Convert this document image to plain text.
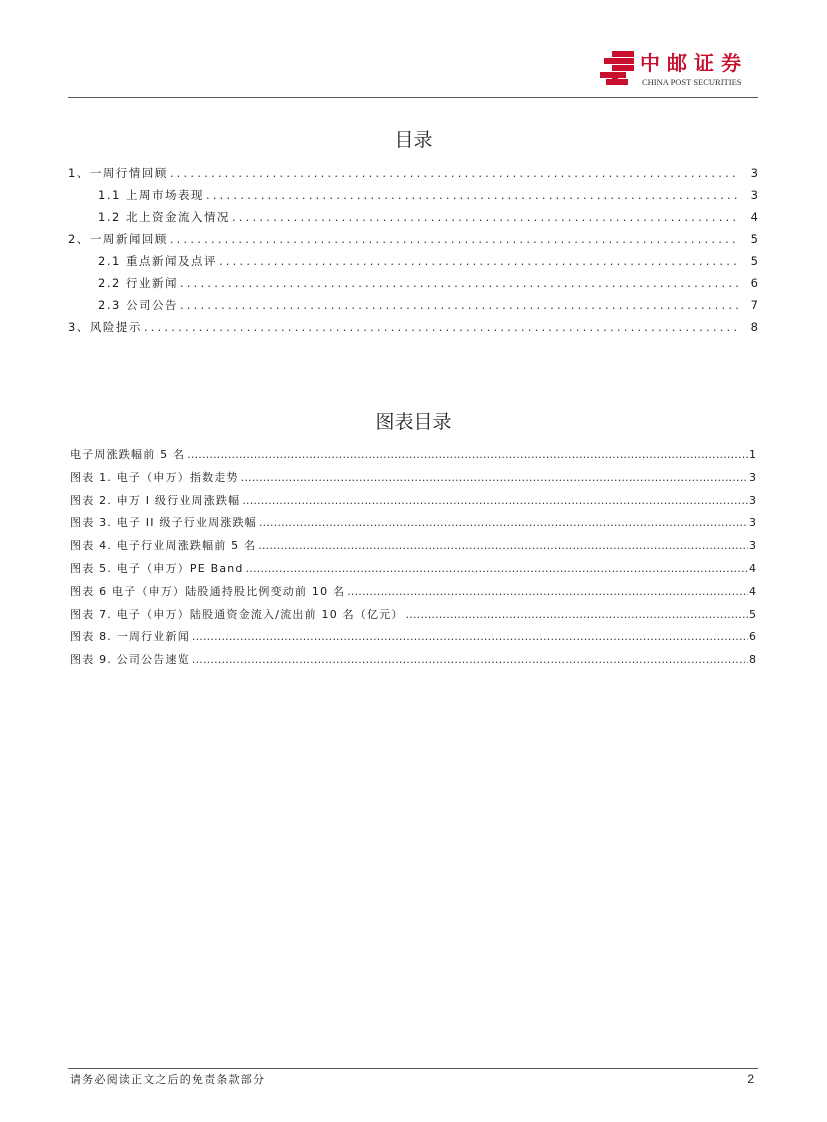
中邮证券
CHINA POST SECURITIES
目录
1、一周行情回顾 .....	3
1.1 上周市场表现 .....	3
1.2 北上资金流入情况 .....	4
2、一周新闻回顾 .....	5
2.1 重点新闻及点评 .....	5
2.2 行业新闻 .....	6
2.3 公司公告 .....	7
3、风险提示 .....	8
图表目录
电子周涨跌幅前 5 名 .....	1
图表 1. 电子（申万）指数走势 .....	3
图表 2. 申万 I 级行业周涨跌幅 .....	3
图表 3. 电子 II 级子行业周涨跌幅 .....	3
图表 4. 电子行业周涨跌幅前 5 名 .....	3
图表 5. 电子（申万）PE Band .....	4
图表 6 电子（申万）陆股通持股比例变动前 10 名 .....	4
图表 7. 电子（申万）陆股通资金流入/流出前 10 名（亿元） .....	5
图表 8. 一周行业新闻 .....	6
图表 9. 公司公告速览 .....	8
请务必阅读正文之后的免责条款部分	2
